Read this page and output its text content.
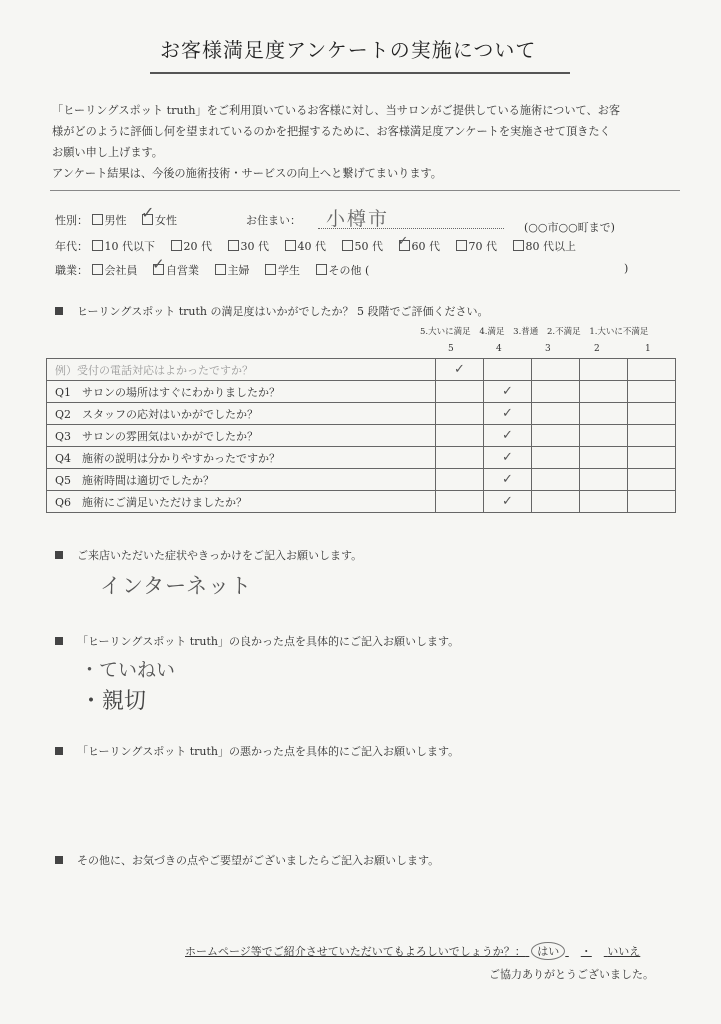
お客様満足度アンケートの実施について
「ヒーリングスポット truth」をご利用頂いているお客様に対し、当サロンがご提供している施術について、お客
様がどのように評価し何を望まれているのかを把握するために、お客様満足度アンケートを実施させて頂きたく
お願い申し上げます。
アンケート結果は、今後の施術技術・サービスの向上へと繋げてまいります。
性別： 男性	女性
✓	お住まい： 小樽市	(○○市○○町まで)
年代： 10 代以下	20 代	30 代	40 代	50 代	60 代
✓	70 代	80 代以上
職業： 会社員	自営業
✓	主婦	学生	その他 (	)
ヒーリングスポット truth の満足度はいかがでしたか？ 5 段階でご評価ください。
5.大いに満足 4.満足 3.普通 2.不満足 1.大いに不満足
5	4	3	2	1
例）受付の電話対応はよかったですか？	✓				
Q1　サロンの場所はすぐにわかりましたか？		✓			
Q2　スタッフの応対はいかがでしたか？		✓			
Q3　サロンの雰囲気はいかがでしたか？		✓			
Q4　施術の説明は分かりやすかったですか？		✓			
Q5　施術時間は適切でしたか？		✓			
Q6　施術にご満足いただけましたか？		✓			
ご来店いただいた症状やきっかけをご記入お願いします。
インターネット
「ヒーリングスポット truth」の良かった点を具体的にご記入お願いします。
・ていねい
・親切
「ヒーリングスポット truth」の悪かった点を具体的にご記入お願いします。
その他に、お気づきの点やご要望がございましたらご記入お願いします。
ホームページ等でご紹介させていただいてもよろしいでしょうか？： はい ・ いいえ
ご協力ありがとうございました。
